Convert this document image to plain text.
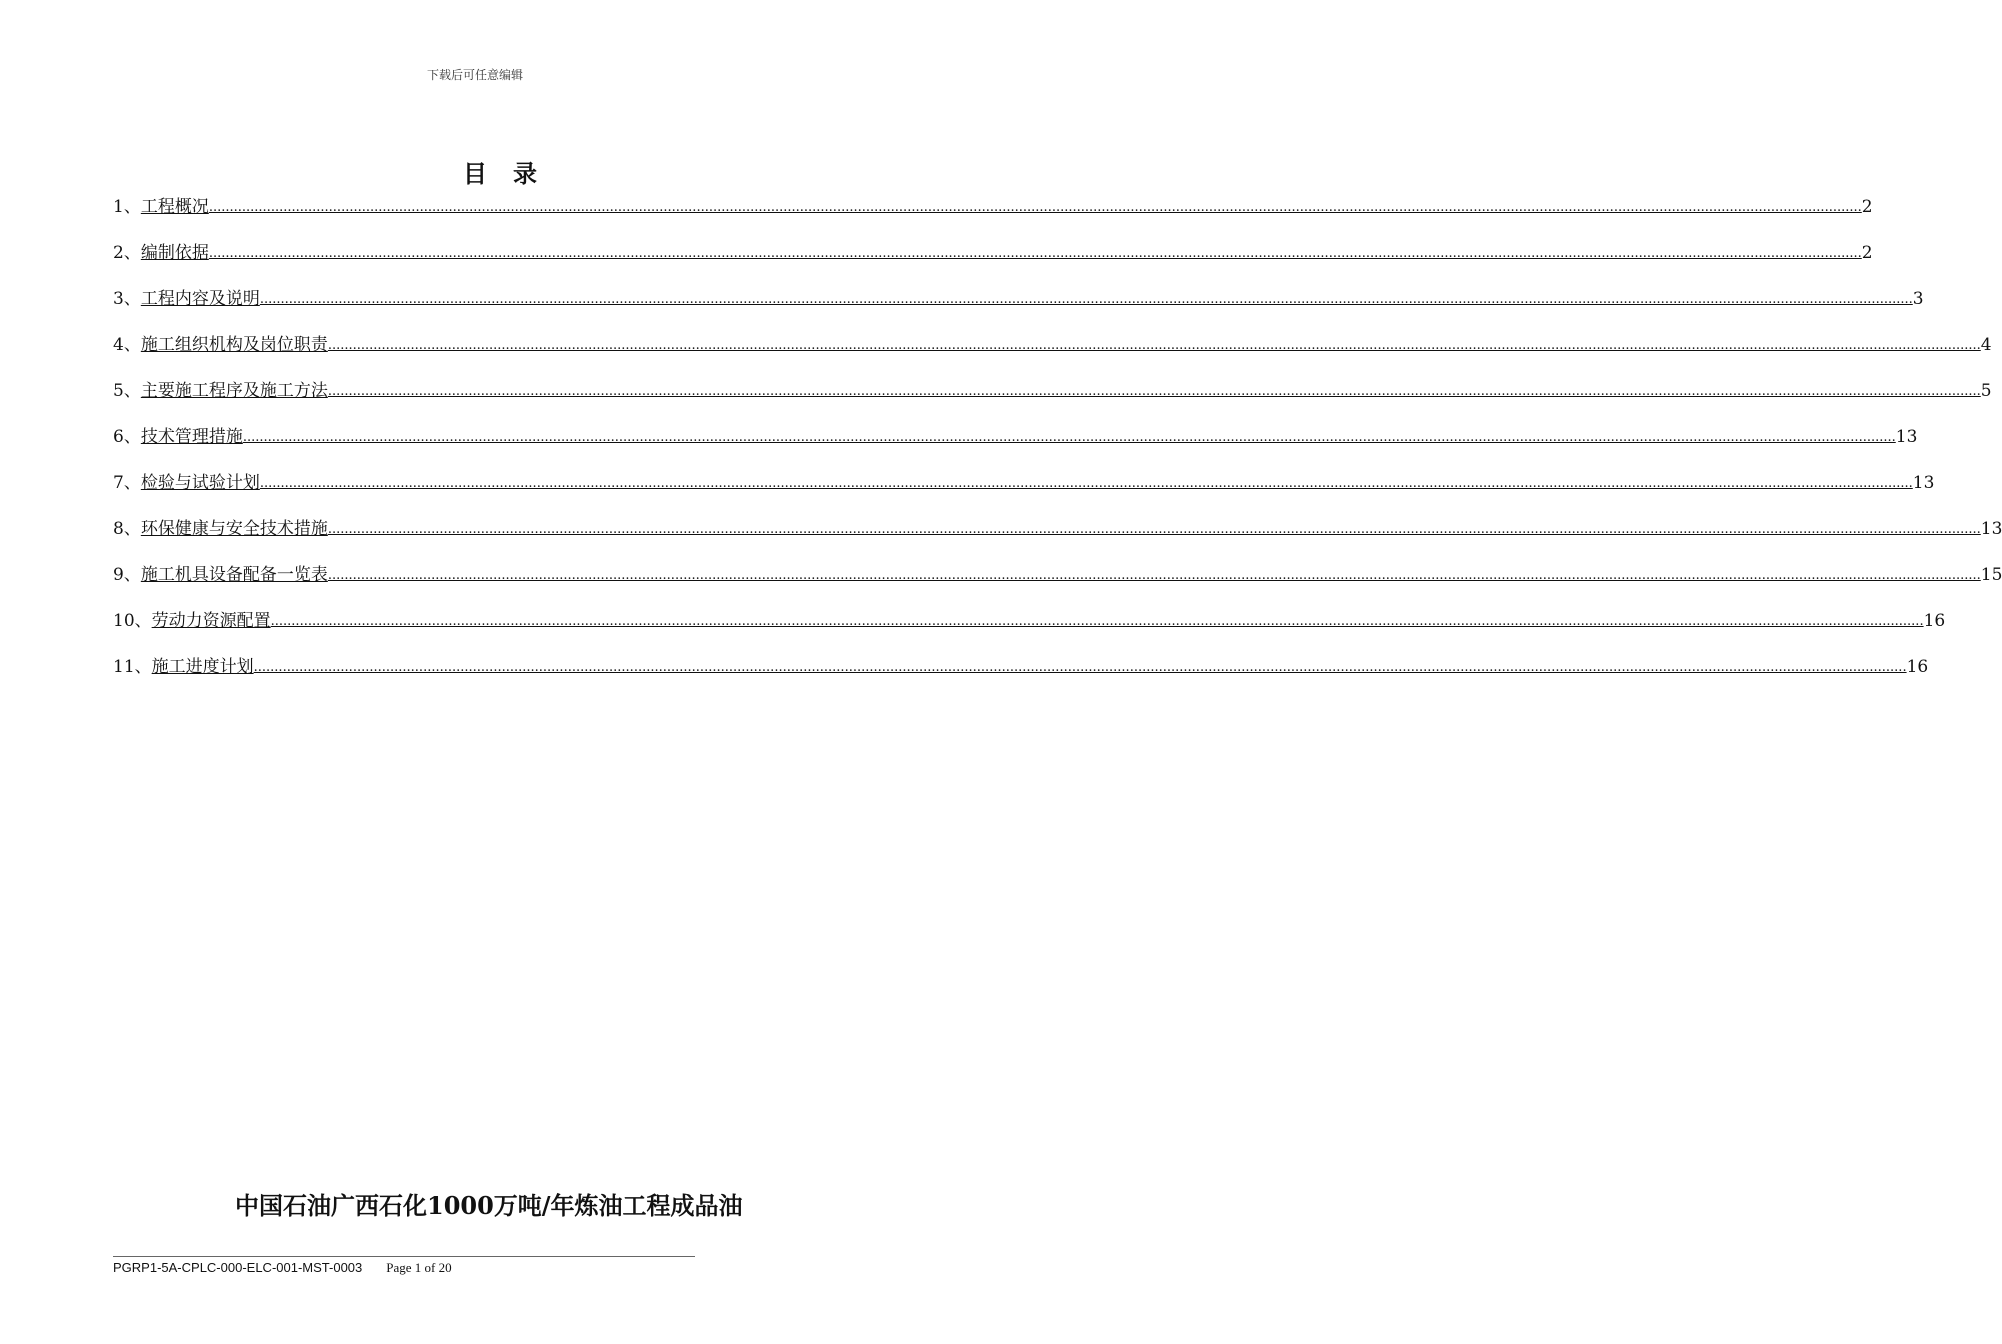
下载后可任意编辑
目 录
1、 工程概况 ................................................................................................................................................................................................................................................................................................................................................................................................................ 2
2、 编制依据 ................................................................................................................................................................................................................................................................................................................................................................................................................ 2
3、 工程内容及说明 ................................................................................................................................................................................................................................................................................................................................................................................................................ 3
4、 施工组织机构及岗位职责 ................................................................................................................................................................................................................................................................................................................................................................................................................ 4
5、 主要施工程序及施工方法 ................................................................................................................................................................................................................................................................................................................................................................................................................ 5
6、 技术管理措施 ................................................................................................................................................................................................................................................................................................................................................................................................................ 13
7、 检验与试验计划 ................................................................................................................................................................................................................................................................................................................................................................................................................ 13
8、 环保健康与安全技术措施 ................................................................................................................................................................................................................................................................................................................................................................................................................ 13
9、 施工机具设备配备一览表 ................................................................................................................................................................................................................................................................................................................................................................................................................ 15
10、 劳动力资源配置 ................................................................................................................................................................................................................................................................................................................................................................................................................ 16
11、 施工进度计划 ................................................................................................................................................................................................................................................................................................................................................................................................................ 16
中国石油广西石化1000万吨/年炼油工程成品油
PGRP1-5A-CPLC-000-ELC-001-MST-0003 Page 1 of 20
